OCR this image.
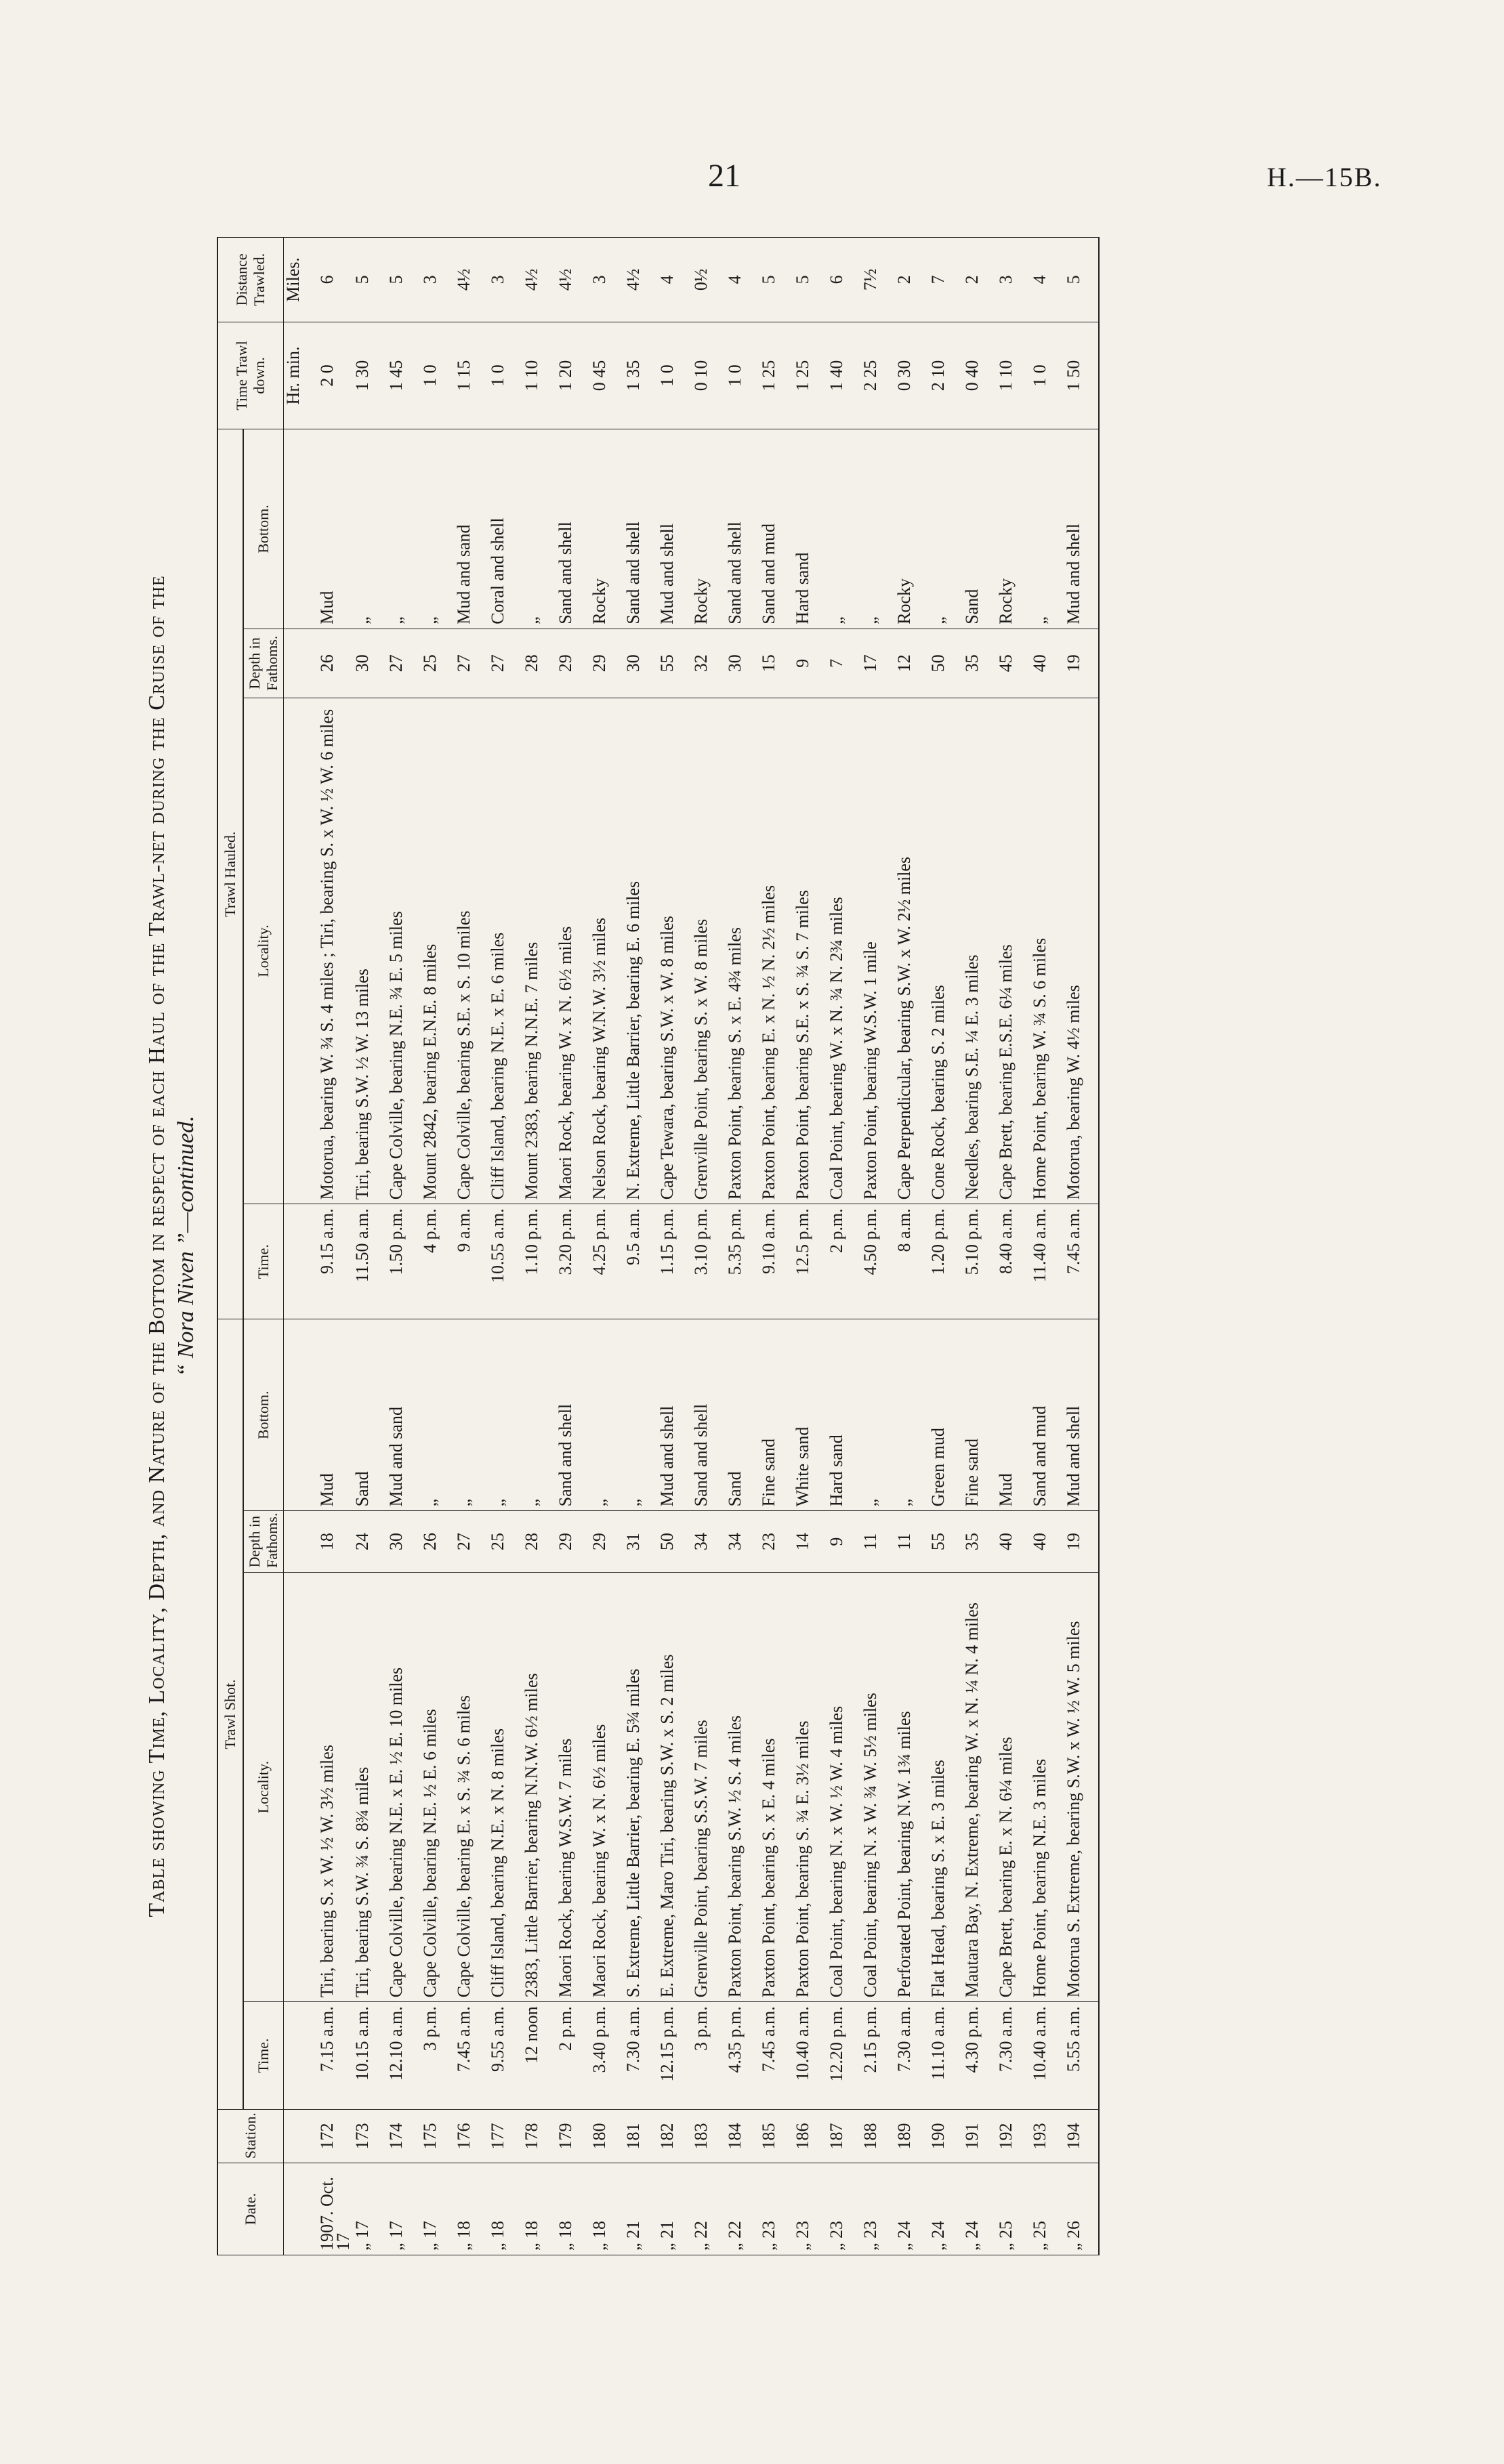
21	H.—15B.
Table showing Time, Locality, Depth, and Nature of the Bottom in respect of each Haul of the Trawl-net during the Cruise of the “ Nora Niven ”—continued.
Date.	Station.	Trawl Shot.				Trawl Hauled.				Time Trawl down.	Distance Trawled.
		Time.	Locality.	Depth in Fathoms.	Bottom.	Time.	Locality.	Depth in Fathoms.	Bottom.		
										Hr. min.	Miles.
1907. Oct. 17	172	7.15 a.m.	Tiri, bearing S. x W. ½ W. 3½ miles	18	Mud	9.15 a.m.	Motorua, bearing W. ¾ S. 4 miles ; Tiri, bearing S. x W. ½ W. 6 miles	26	Mud	2 0	6
„ 17	173	10.15 a.m.	Tiri, bearing S.W. ¾ S. 8¾ miles	24	Sand	11.50 a.m.	Tiri, bearing S.W. ½ W. 13 miles	30	„	1 30	5
„ 17	174	12.10 a.m.	Cape Colville, bearing N.E. x E. ½ E. 10 miles	30	Mud and sand	1.50 p.m.	Cape Colville, bearing N.E. ¾ E. 5 miles	27	„	1 45	5
„ 17	175	3 p.m.	Cape Colville, bearing N.E. ½ E. 6 miles	26	„	4 p.m.	Mount 2842, bearing E.N.E. 8 miles	25	„	1 0	3
„ 18	176	7.45 a.m.	Cape Colville, bearing E. x S. ¾ S. 6 miles	27	„	9 a.m.	Cape Colville, bearing S.E. x S. 10 miles	27	Mud and sand	1 15	4½
„ 18	177	9.55 a.m.	Cliff Island, bearing N.E. x N. 8 miles	25	„	10.55 a.m.	Cliff Island, bearing N.E. x E. 6 miles	27	Coral and shell	1 0	3
„ 18	178	12 noon	2383, Little Barrier, bearing N.N.W. 6½ miles	28	„	1.10 p.m.	Mount 2383, bearing N.N.E. 7 miles	28	„	1 10	4½
„ 18	179	2 p.m.	Maori Rock, bearing W.S.W. 7 miles	29	Sand and shell	3.20 p.m.	Maori Rock, bearing W. x N. 6½ miles	29	Sand and shell	1 20	4½
„ 18	180	3.40 p.m.	Maori Rock, bearing W. x N. 6½ miles	29	„	4.25 p.m.	Nelson Rock, bearing W.N.W. 3½ miles	29	Rocky	0 45	3
„ 21	181	7.30 a.m.	S. Extreme, Little Barrier, bearing E. 5¾ miles	31	„	9.5 a.m.	N. Extreme, Little Barrier, bearing E. 6 miles	30	Sand and shell	1 35	4½
„ 21	182	12.15 p.m.	E. Extreme, Maro Tiri, bearing S.W. x S. 2 miles	50	Mud and shell	1.15 p.m.	Cape Tewara, bearing S.W. x W. 8 miles	55	Mud and shell	1 0	4
„ 22	183	3 p.m.	Grenville Point, bearing S.S.W. 7 miles	34	Sand and shell	3.10 p.m.	Grenville Point, bearing S. x W. 8 miles	32	Rocky	0 10	0½
„ 22	184	4.35 p.m.	Paxton Point, bearing S.W. ½ S. 4 miles	34	Sand	5.35 p.m.	Paxton Point, bearing S. x E. 4¾ miles	30	Sand and shell	1 0	4
„ 23	185	7.45 a.m.	Paxton Point, bearing S. x E. 4 miles	23	Fine sand	9.10 a.m.	Paxton Point, bearing E. x N. ½ N. 2½ miles	15	Sand and mud	1 25	5
„ 23	186	10.40 a.m.	Paxton Point, bearing S. ¾ E. 3½ miles	14	White sand	12.5 p.m.	Paxton Point, bearing S.E. x S. ¾ S. 7 miles	9	Hard sand	1 25	5
„ 23	187	12.20 p.m.	Coal Point, bearing N. x W. ½ W. 4 miles	9	Hard sand	2 p.m.	Coal Point, bearing W. x N. ¾ N. 2¾ miles	7	„	1 40	6
„ 23	188	2.15 p.m.	Coal Point, bearing N. x W. ¾ W. 5½ miles	11	„	4.50 p.m.	Paxton Point, bearing W.S.W. 1 mile	17	„	2 25	7½
„ 24	189	7.30 a.m.	Perforated Point, bearing N.W. 1¾ miles	11	„	8 a.m.	Cape Perpendicular, bearing S.W. x W. 2½ miles	12	Rocky	0 30	2
„ 24	190	11.10 a.m.	Flat Head, bearing S. x E. 3 miles	55	Green mud	1.20 p.m.	Cone Rock, bearing S. 2 miles	50	„	2 10	7
„ 24	191	4.30 p.m.	Mautara Bay, N. Extreme, bearing W. x N. ¼ N. 4 miles	35	Fine sand	5.10 p.m.	Needles, bearing S.E. ¼ E. 3 miles	35	Sand	0 40	2
„ 25	192	7.30 a.m.	Cape Brett, bearing E. x N. 6¼ miles	40	Mud	8.40 a.m.	Cape Brett, bearing E.S.E. 6¼ miles	45	Rocky	1 10	3
„ 25	193	10.40 a.m.	Home Point, bearing N.E. 3 miles	40	Sand and mud	11.40 a.m.	Home Point, bearing W. ¾ S. 6 miles	40	„	1 0	4
„ 26	194	5.55 a.m.	Motorua S. Extreme, bearing S.W. x W. ½ W. 5 miles	19	Mud and shell	7.45 a.m.	Motorua, bearing W. 4½ miles	19	Mud and shell	1 50	5
